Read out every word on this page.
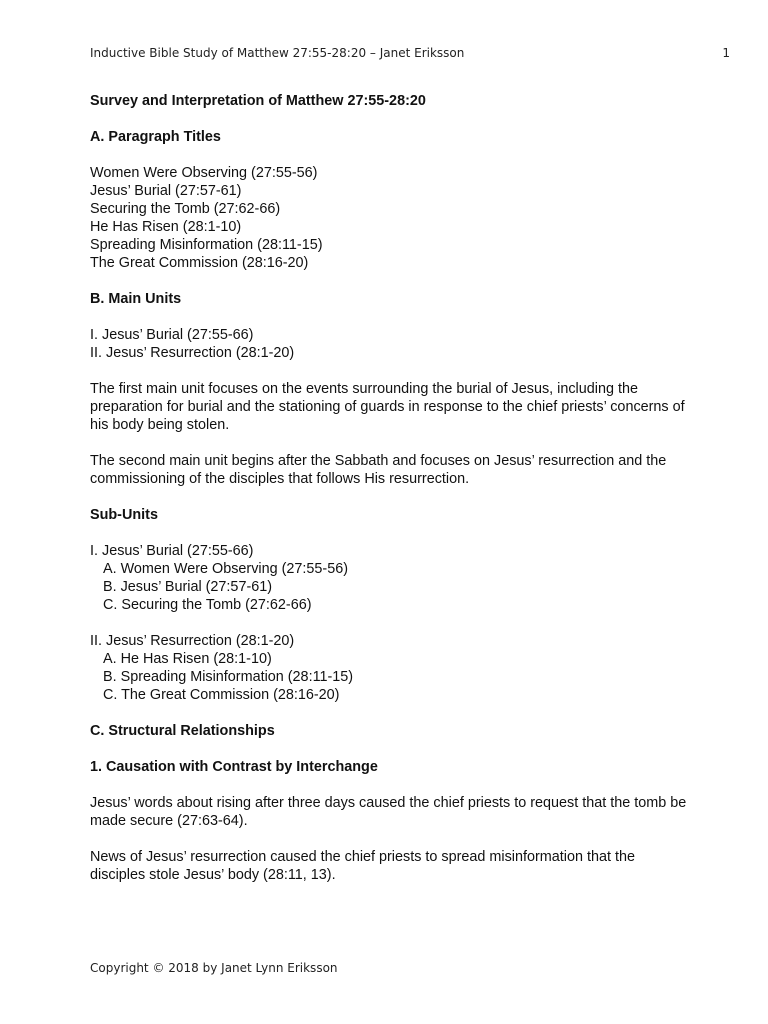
Inductive Bible Study of Matthew 27:55-28:20 – Janet Eriksson	1

Survey and Interpretation of Matthew 27:55-28:20

A. Paragraph Titles

Women Were Observing (27:55-56)
Jesus’ Burial (27:57-61)
Securing the Tomb (27:62-66)
He Has Risen (28:1-10)
Spreading Misinformation (28:11-15)
The Great Commission (28:16-20)

B. Main Units

I. Jesus’ Burial (27:55-66)
II. Jesus’ Resurrection (28:1-20)

The first main unit focuses on the events surrounding the burial of Jesus, including the preparation for burial and the stationing of guards in response to the chief priests’ concerns of his body being stolen.

The second main unit begins after the Sabbath and focuses on Jesus’ resurrection and the commissioning of the disciples that follows His resurrection.

Sub-Units

I. Jesus’ Burial (27:55-66)
A. Women Were Observing (27:55-56)
B. Jesus’ Burial (27:57-61)
C. Securing the Tomb (27:62-66)
II. Jesus’ Resurrection (28:1-20)
A. He Has Risen (28:1-10)
B. Spreading Misinformation (28:11-15)
C. The Great Commission (28:16-20)

C. Structural Relationships

1. Causation with Contrast by Interchange

Jesus’ words about rising after three days caused the chief priests to request that the tomb be made secure (27:63-64).

News of Jesus’ resurrection caused the chief priests to spread misinformation that the disciples stole Jesus’ body (28:11, 13).

Copyright © 2018 by Janet Lynn Eriksson
